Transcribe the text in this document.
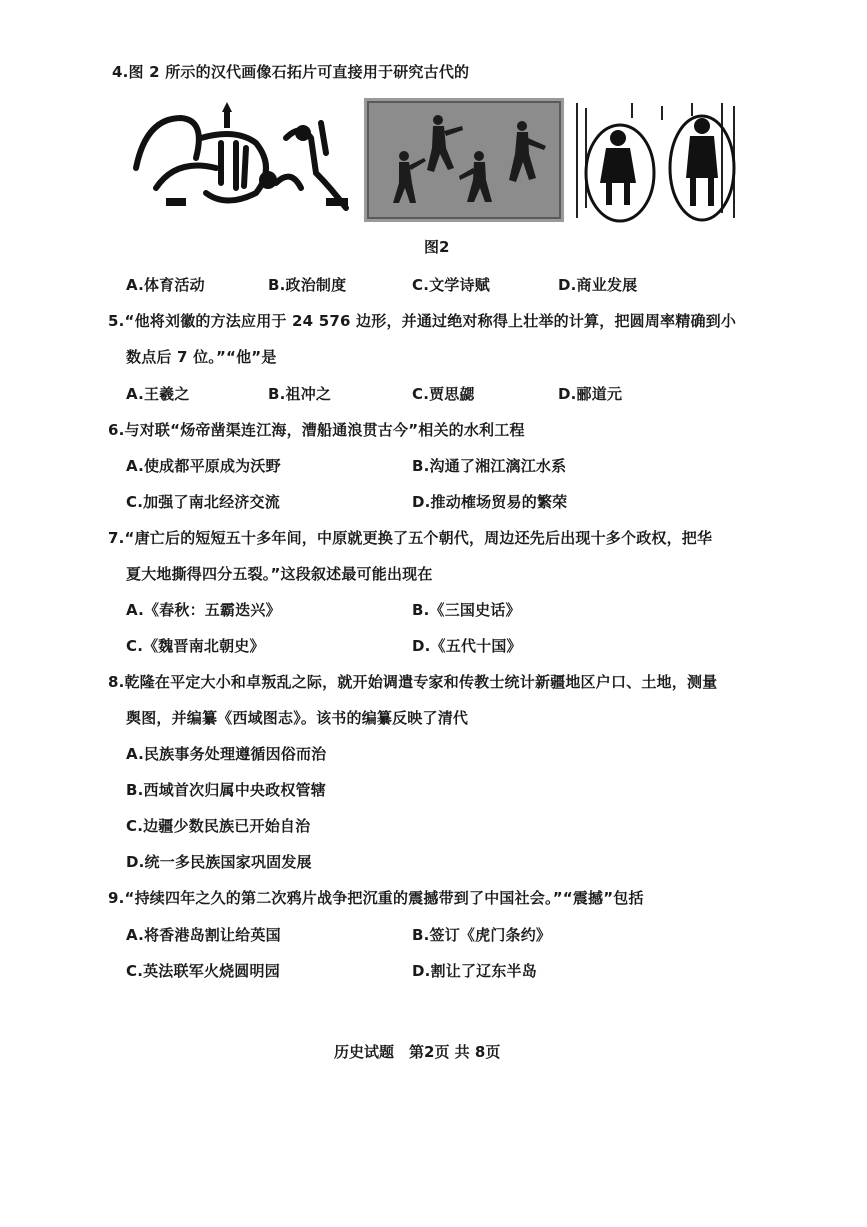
4.图 2 所示的汉代画像石拓片可直接用于研究古代的
图2
A.体育活动	B.政治制度	C.文学诗赋	D.商业发展
5.“他将刘徽的方法应用于 24 576 边形，并通过绝对称得上壮举的计算，把圆周率精确到小
数点后 7 位。”“他”是
A.王羲之	B.祖冲之	C.贾思勰	D.郦道元
6.与对联“炀帝凿渠连江海，漕船通浪贯古今”相关的水利工程
A.使成都平原成为沃野	B.沟通了湘江漓江水系
C.加强了南北经济交流	D.推动榷场贸易的繁荣
7.“唐亡后的短短五十多年间，中原就更换了五个朝代，周边还先后出现十多个政权，把华
夏大地撕得四分五裂。”这段叙述最可能出现在
A.《春秋：五霸迭兴》	B.《三国史话》
C.《魏晋南北朝史》	D.《五代十国》
8.乾隆在平定大小和卓叛乱之际，就开始调遣专家和传教士统计新疆地区户口、土地，测量
舆图，并编纂《西域图志》。该书的编纂反映了清代
A.民族事务处理遵循因俗而治
B.西域首次归属中央政权管辖
C.边疆少数民族已开始自治
D.统一多民族国家巩固发展
9.“持续四年之久的第二次鸦片战争把沉重的震撼带到了中国社会。”“震撼”包括
A.将香港岛割让给英国	B.签订《虎门条约》
C.英法联军火烧圆明园	D.割让了辽东半岛
历史试题　第2页 共 8页
